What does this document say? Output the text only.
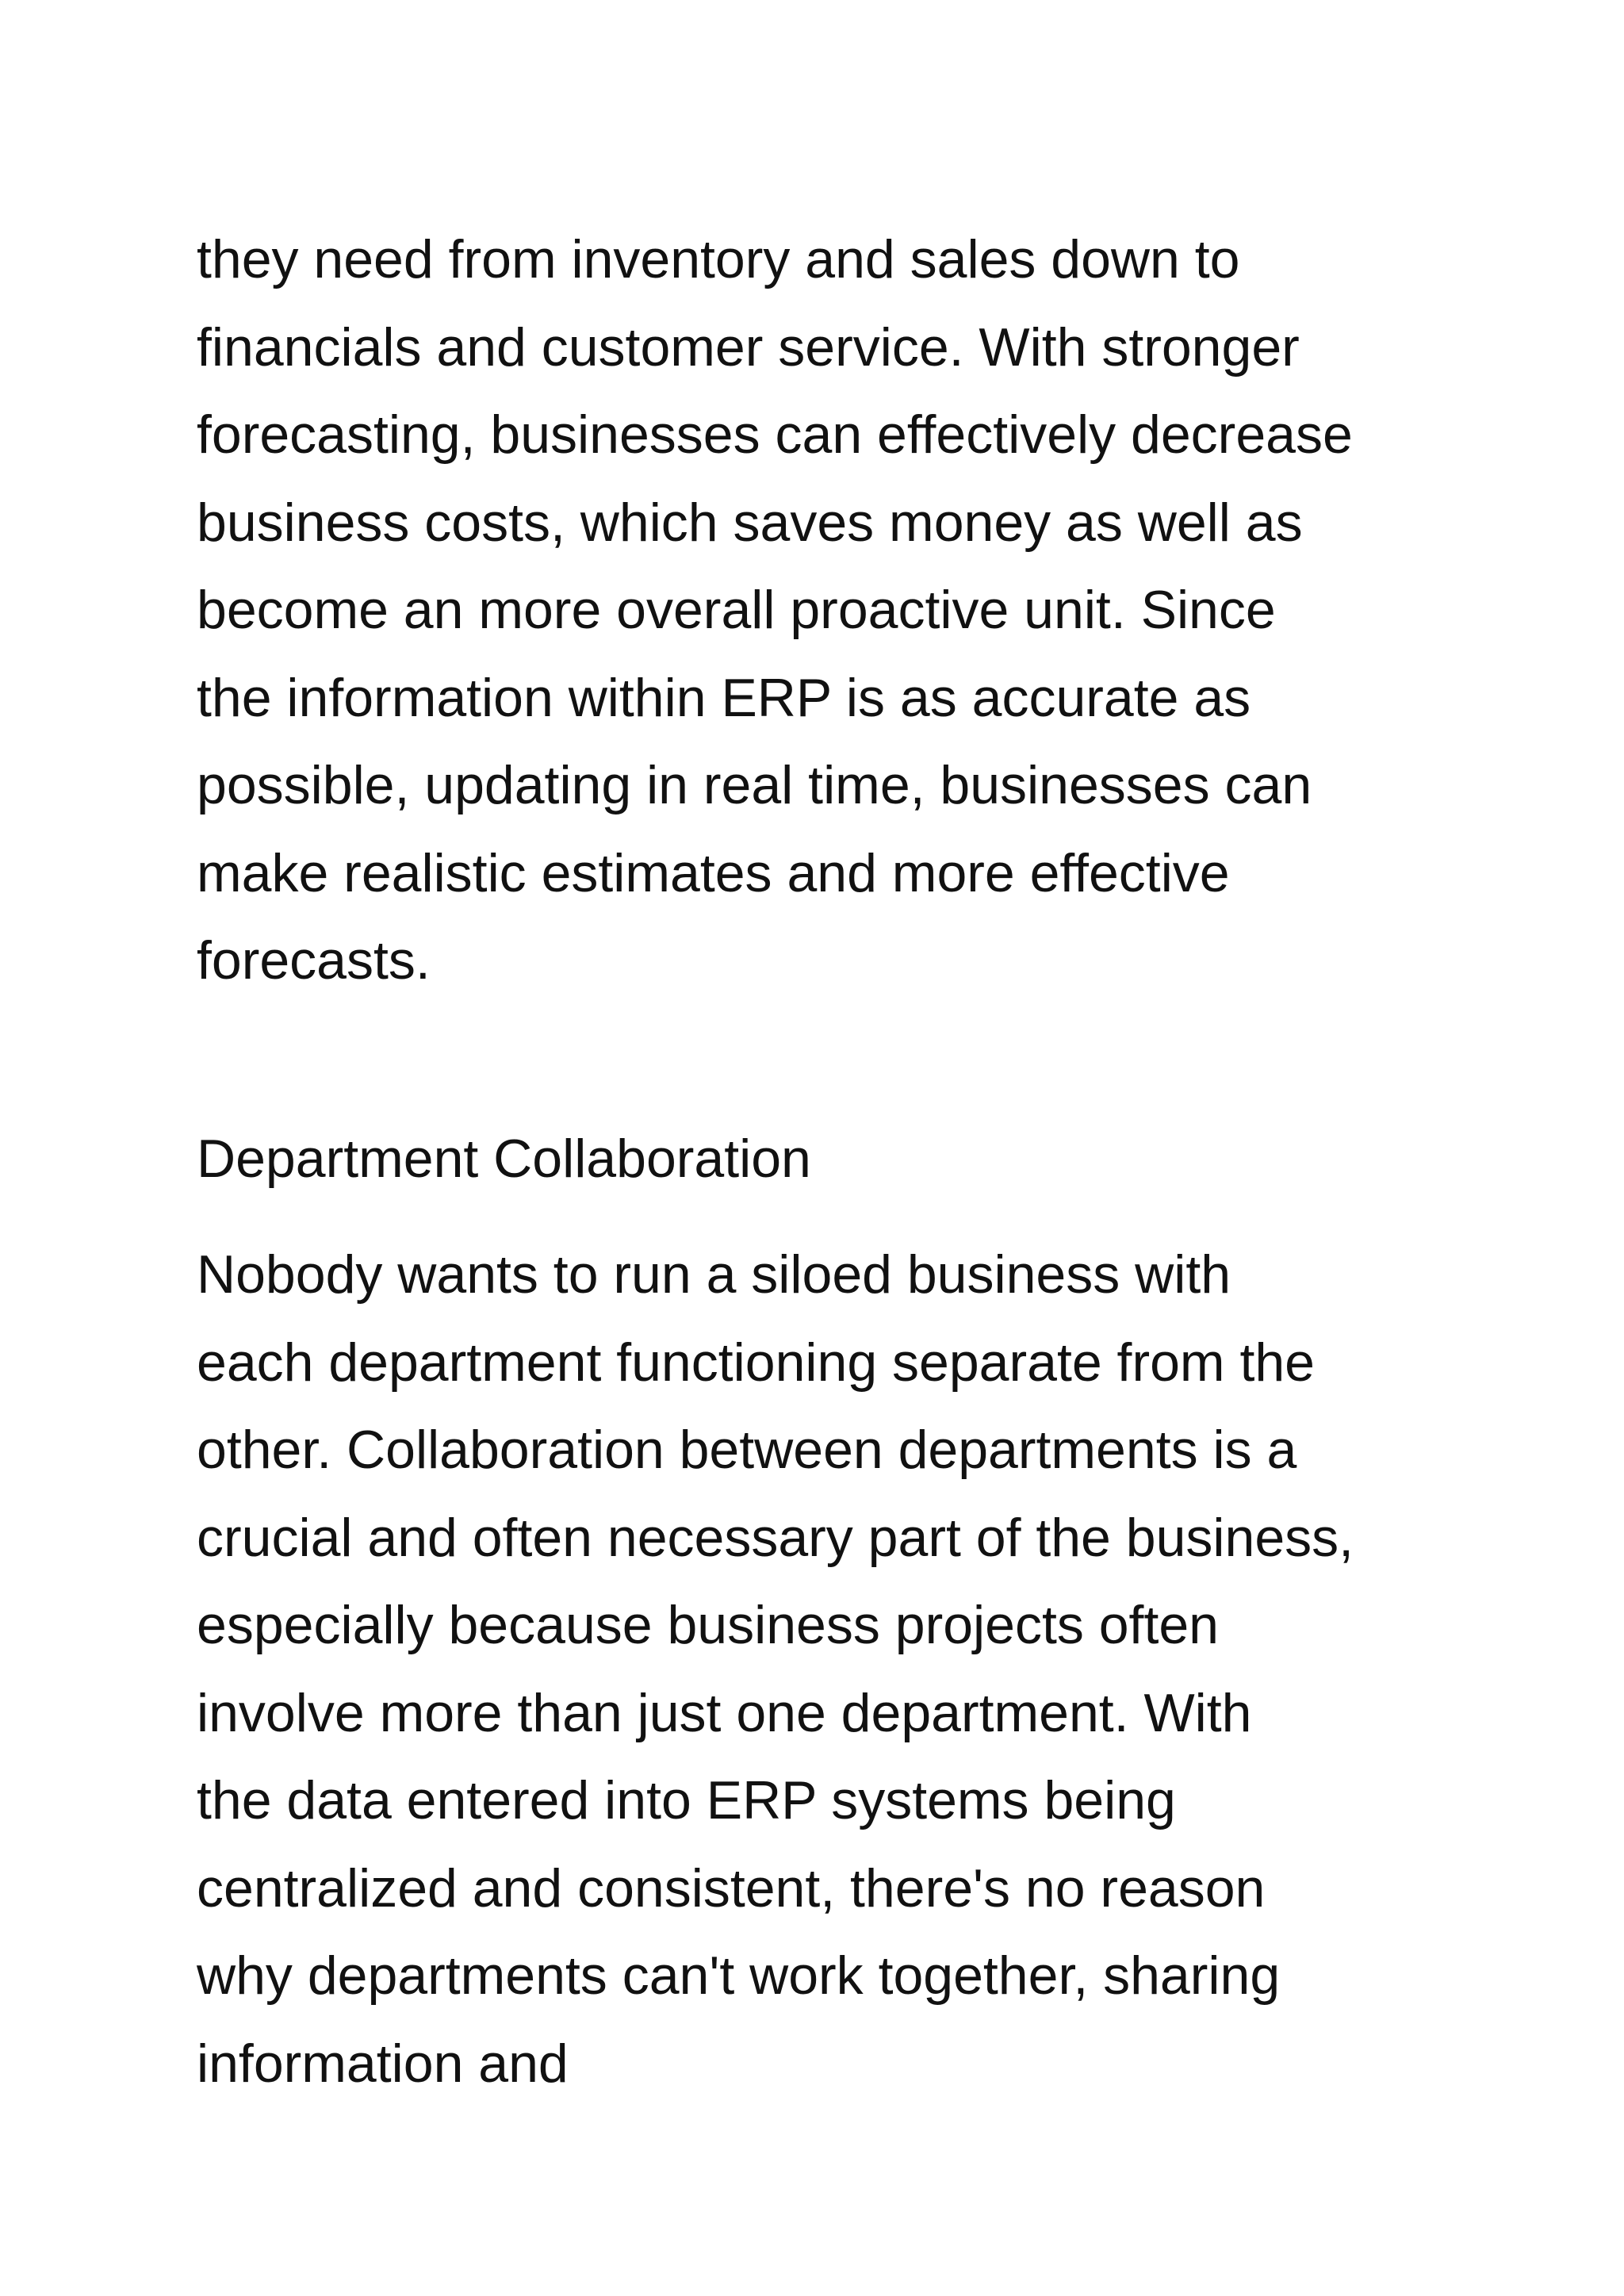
they need from inventory and sales down to
financials and customer service. With stronger
forecasting, businesses can effectively decrease
business costs, which saves money as well as
become an more overall proactive unit. Since
the information within ERP is as accurate as
possible, updating in real time, businesses can
make realistic estimates and more effective
forecasts.
Department Collaboration
Nobody wants to run a siloed business with
each department functioning separate from the
other. Collaboration between departments is a
crucial and often necessary part of the business,
especially because business projects often
involve more than just one department. With
the data entered into ERP systems being
centralized and consistent, there's no reason
why departments can't work together, sharing
information and
